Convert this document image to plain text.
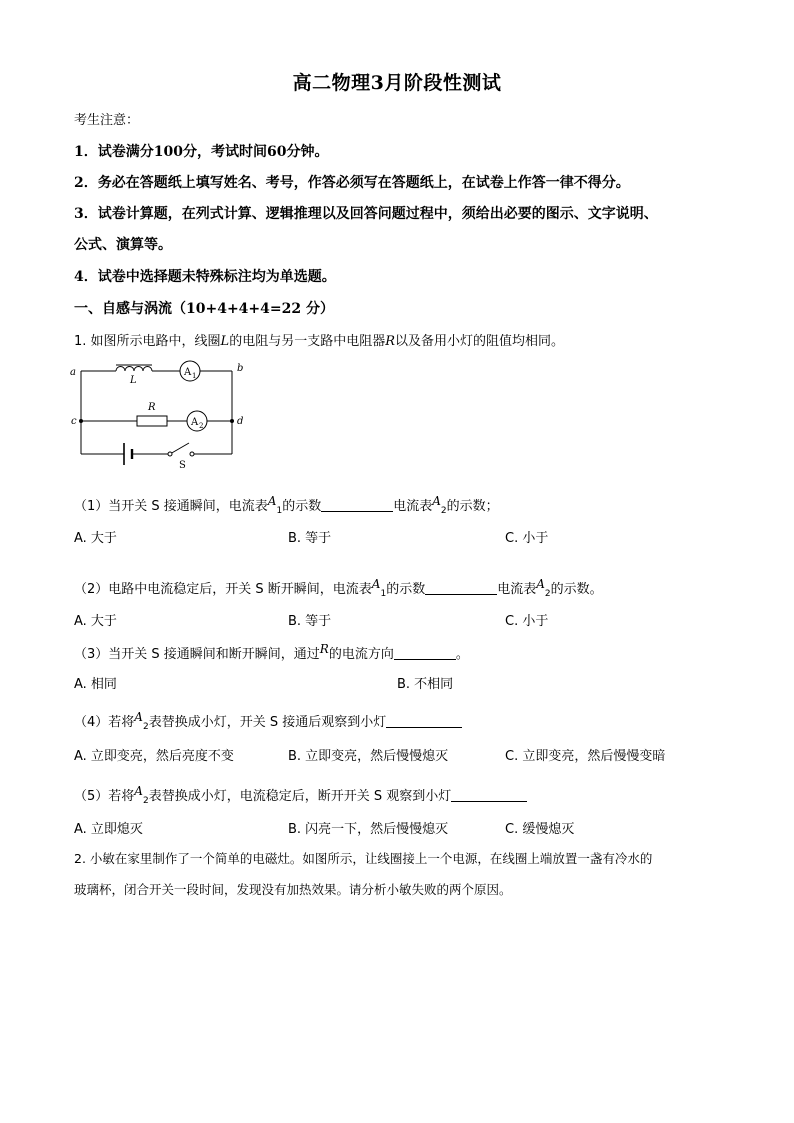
高二物理3月阶段性测试
考生注意：
1．试卷满分100分，考试时间60分钟。
2．务必在答题纸上填写姓名、考号，作答必须写在答题纸上，在试卷上作答一律不得分。
3．试卷计算题，在列式计算、逻辑推理以及回答问题过程中，须给出必要的图示、文字说明、
公式、演算等。
4．试卷中选择题未特殊标注均为单选题。
一、自感与涡流（10+4+4+4=22 分）
1. 如图所示电路中，线圈L的电阻与另一支路中电阻器R以及备用小灯的阻值均相同。
a	b
c	d
L
R
S
A 1
A 2
（1）当开关 S 接通瞬间，电流表$A_1$的示数	电流表$A_2$的示数；
A. 大于	B. 等于	C. 小于
（2）电路中电流稳定后，开关 S 断开瞬间，电流表$A_1$的示数	电流表$A_2$的示数。
A. 大于	B. 等于	C. 小于
（3）当开关 S 接通瞬间和断开瞬间，通过R的电流方向	。
A. 相同	B. 不相同
（4）若将$A_2$表替换成小灯，开关 S 接通后观察到小灯
A. 立即变亮，然后亮度不变	B. 立即变亮，然后慢慢熄灭	C. 立即变亮，然后慢慢变暗
（5）若将$A_2$表替换成小灯，电流稳定后，断开开关 S 观察到小灯
A. 立即熄灭	B. 闪亮一下，然后慢慢熄灭	C. 缓慢熄灭
2. 小敏在家里制作了一个简单的电磁灶。如图所示，让线圈接上一个电源，在线圈上端放置一盏有冷水的
玻璃杯，闭合开关一段时间，发现没有加热效果。请分析小敏失败的两个原因。
